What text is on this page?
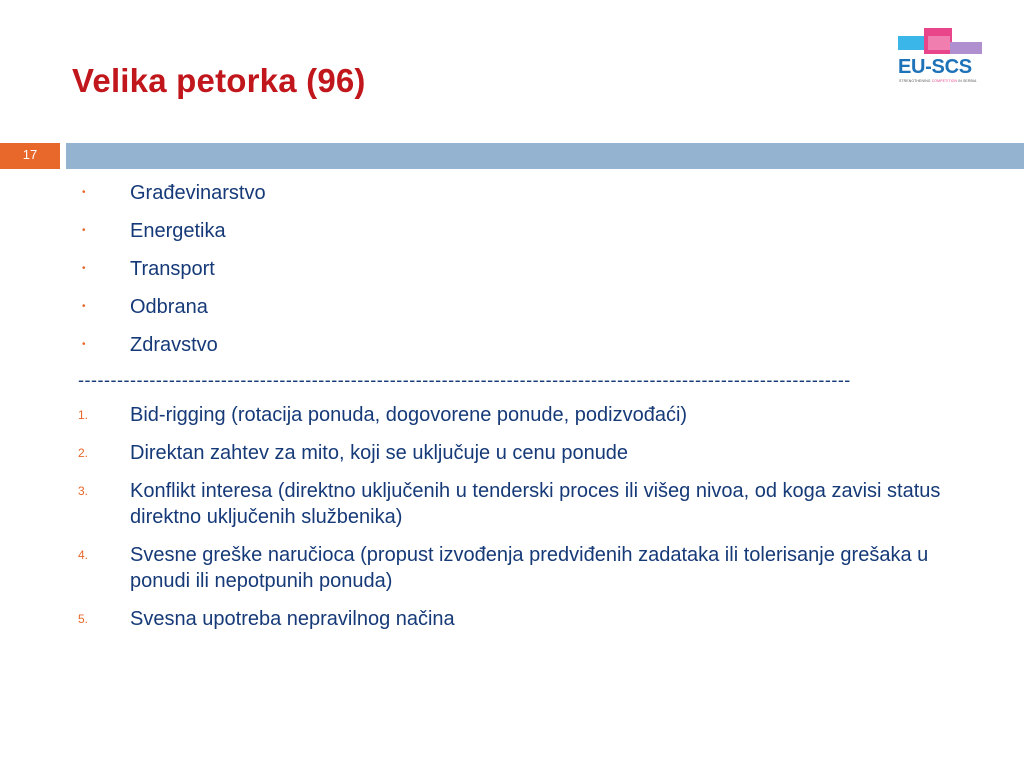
Velika petorka (96)	EU-SCS
STRENGTHENING COMPETITION IN SERBIA
17
•	Građevinarstvo
•	Energetika
•	Transport
•	Odbrana
•	Zdravstvo
-----------------------------------------------------------------------------------------------------------------------
1.	Bid-rigging (rotacija ponuda, dogovorene ponude, podizvođaći)
2.	Direktan zahtev za mito, koji se uključuje u cenu ponude
3.	Konflikt interesa (direktno uključenih u tenderski proces ili višeg nivoa, od koga zavisi status direktno uključenih službenika)
4.	Svesne greške naručioca (propust izvođenja predviđenih zadataka ili tolerisanje grešaka u ponudi ili nepotpunih ponuda)
5.	Svesna upotreba nepravilnog načina
